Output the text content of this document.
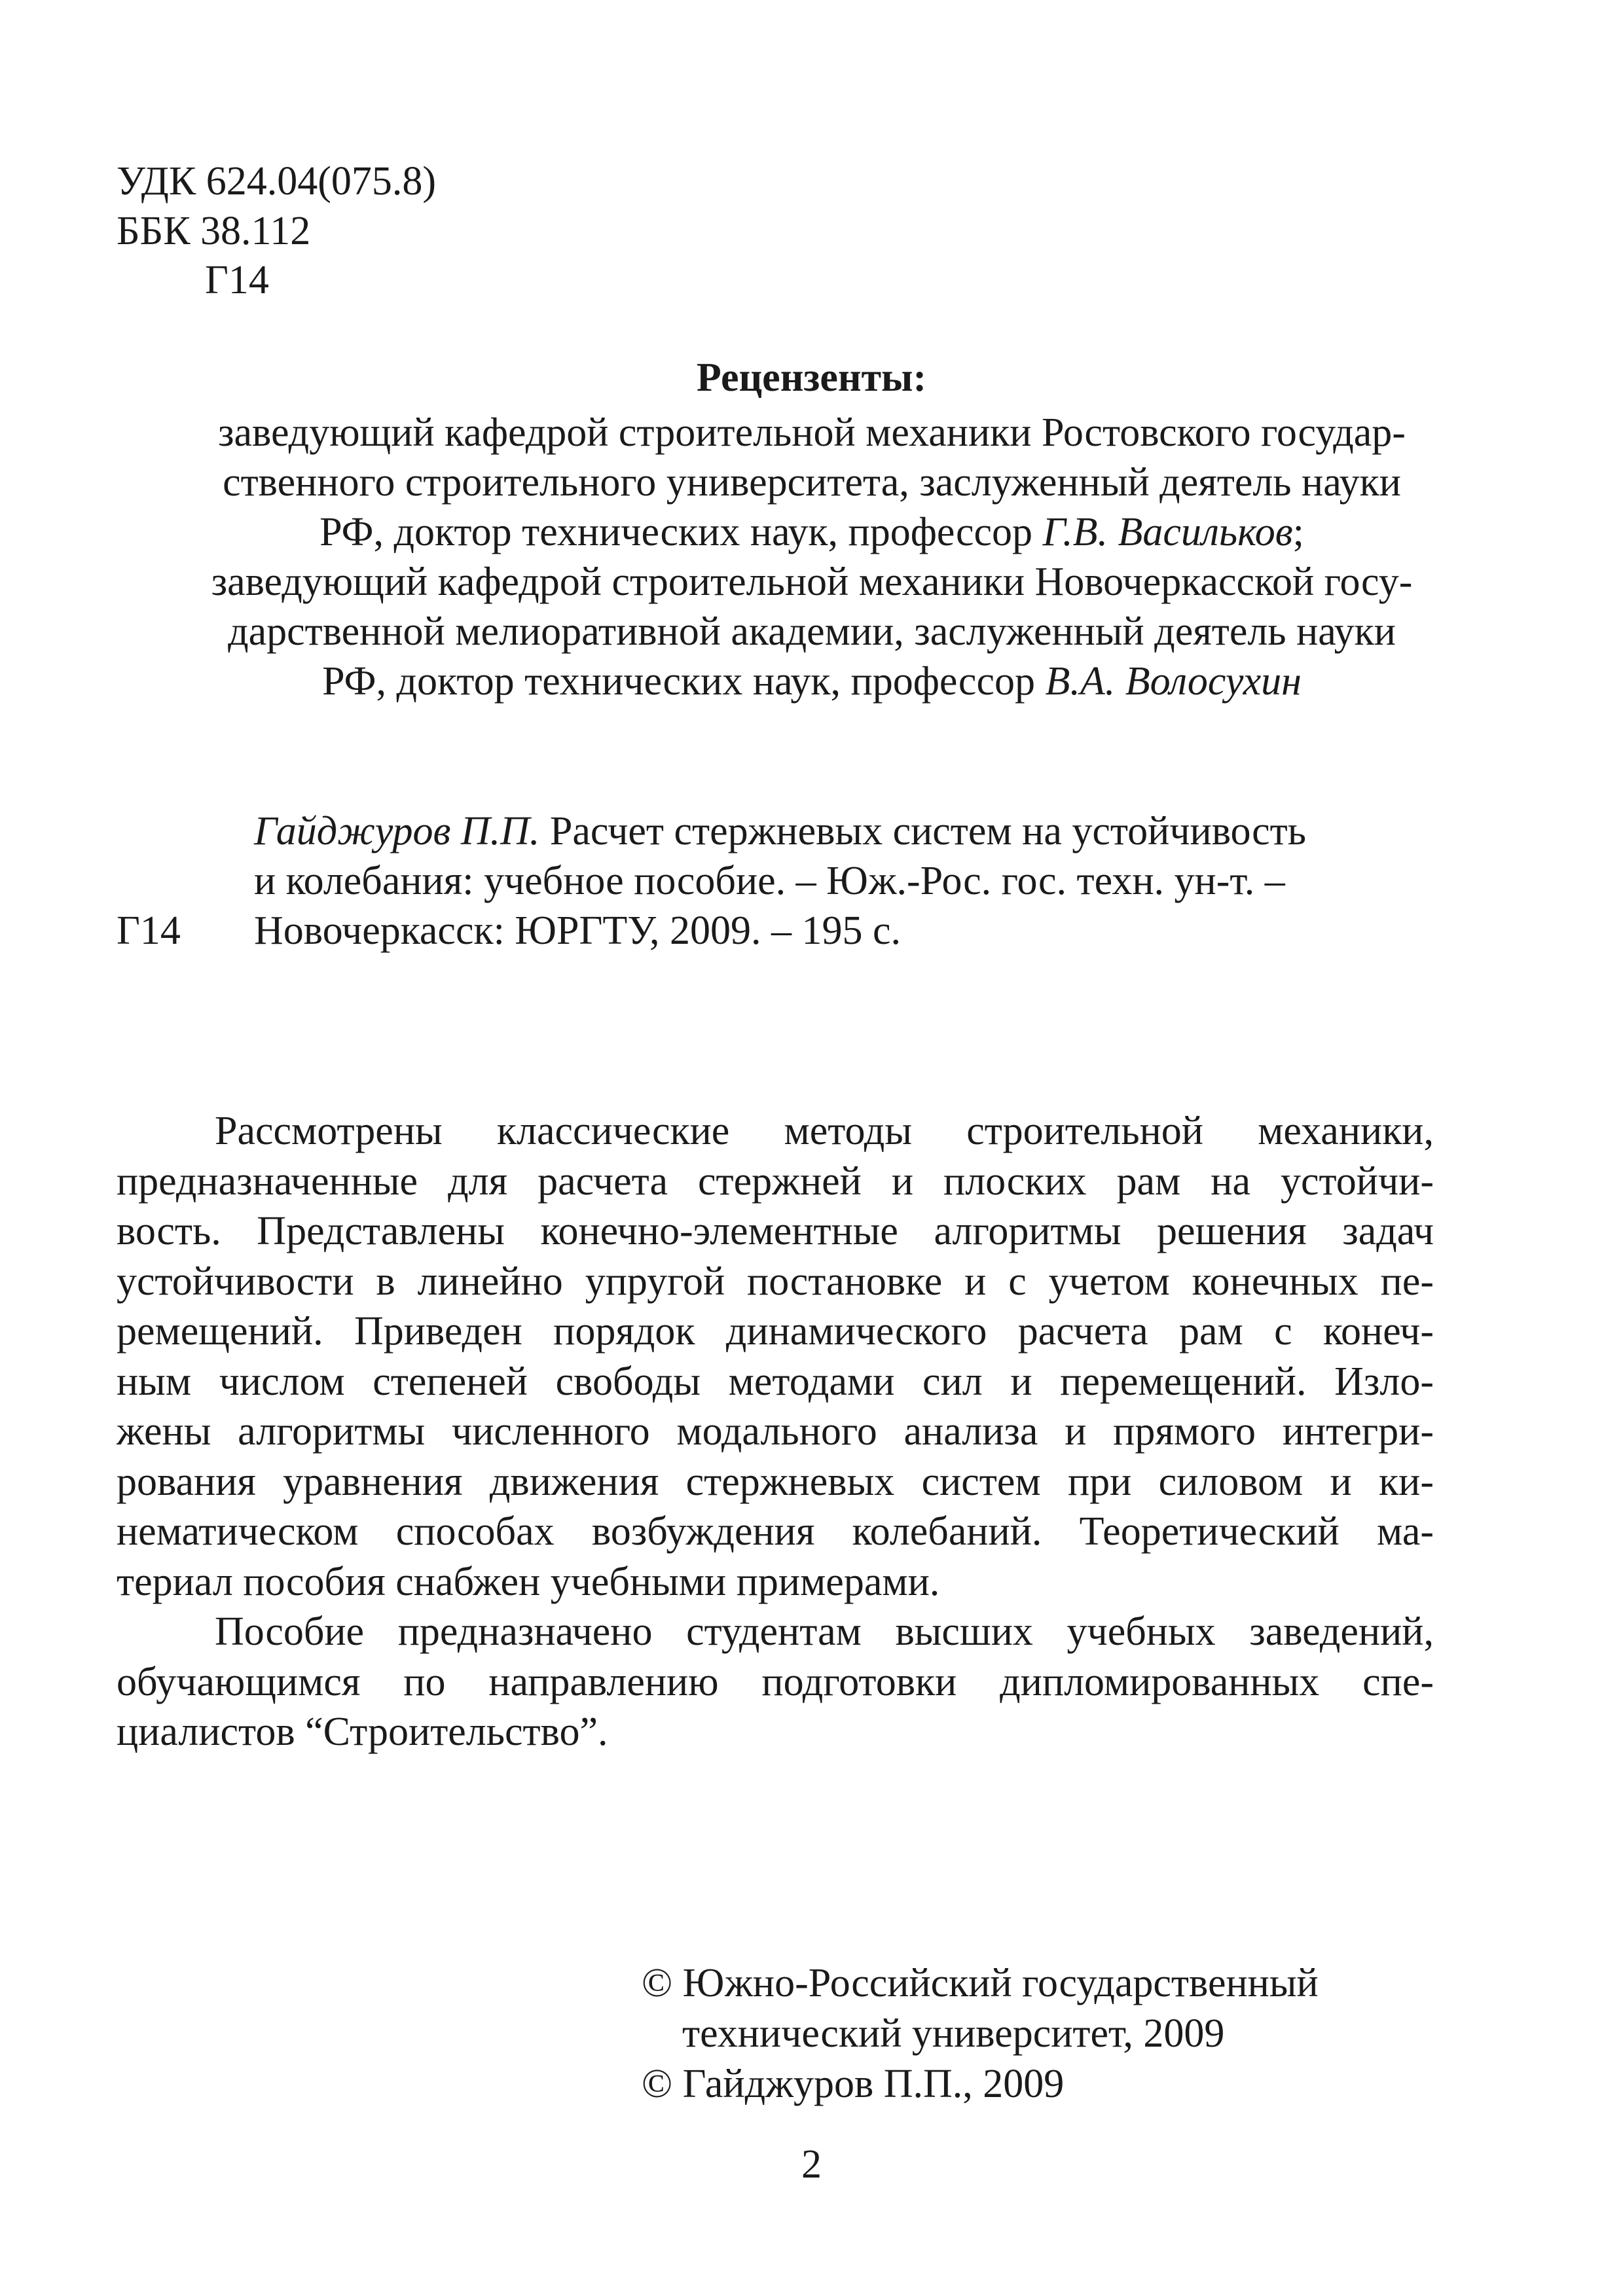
УДК 624.04(075.8)
ББК 38.112
Г14
Рецензенты:
заведующий кафедрой строительной механики Ростовского государ-
ственного строительного университета, заслуженный деятель науки
РФ, доктор технических наук, профессор Г.В. Васильков;
заведующий кафедрой строительной механики Новочеркасской госу-
дарственной мелиоративной академии, заслуженный деятель науки
РФ, доктор технических наук, профессор В.А. Волосухин
Гайджуров П.П. Расчет стержневых систем на устойчивость
и колебания: учебное пособие. – Юж.-Рос. гос. техн. ун-т. –
Г14 Новочеркасск: ЮРГТУ, 2009. – 195 с.
Рассмотрены классические методы строительной механики,
предназначенные для расчета стержней и плоских рам на устойчи-
вость. Представлены конечно-элементные алгоритмы решения задач
устойчивости в линейно упругой постановке и с учетом конечных пе-
ремещений. Приведен порядок динамического расчета рам с конеч-
ным числом степеней свободы методами сил и перемещений. Изло-
жены алгоритмы численного модального анализа и прямого интегри-
рования уравнения движения стержневых систем при силовом и ки-
нематическом способах возбуждения колебаний. Теоретический ма-
териал пособия снабжен учебными примерами.
Пособие предназначено студентам высших учебных заведений,
обучающимся по направлению подготовки дипломированных спе-
циалистов “Строительство”.
© Южно-Российский государственный
технический университет, 2009
© Гайджуров П.П., 2009
2
